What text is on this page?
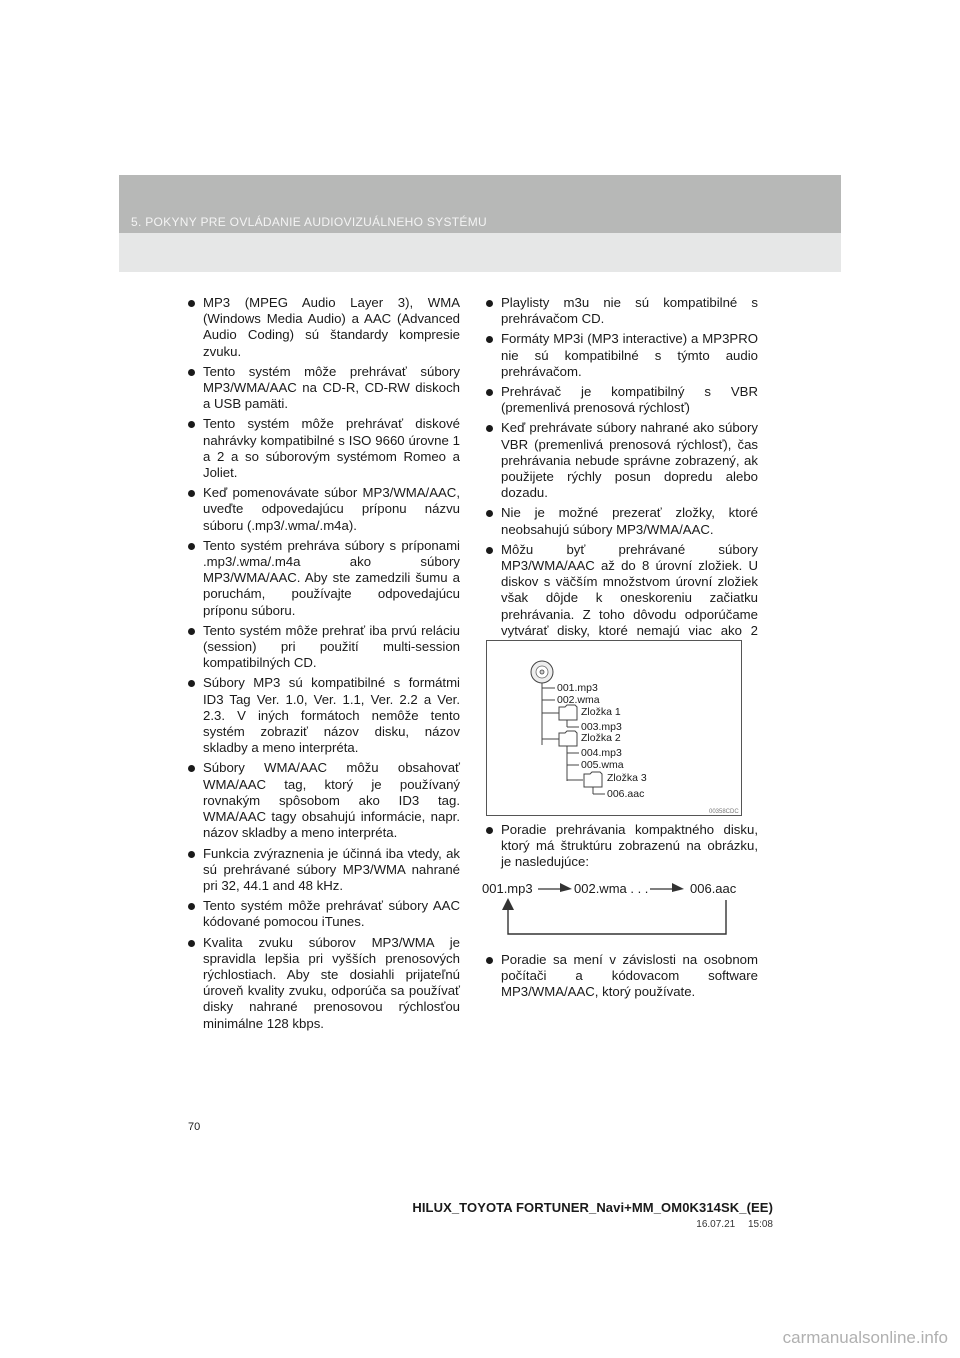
5. POKYNY PRE OVLÁDANIE AUDIOVIZUÁLNEHO SYSTÉMU
MP3 (MPEG Audio Layer 3), WMA (Windows Media Audio) a AAC (Advanced Audio Coding) sú štandardy kompresie zvuku.
Tento systém môže prehrávať súbory MP3/WMA/AAC na CD-R, CD-RW diskoch a USB pamäti.
Tento systém môže prehrávať diskové nahrávky kompatibilné s ISO 9660 úrovne 1 a 2 a so súborovým systémom Romeo a Joliet.
Keď pomenovávate súbor MP3/WMA/AAC, uveďte odpovedajúcu príponu názvu súboru (.mp3/.wma/.m4a).
Tento systém prehráva súbory s príponami .mp3/.wma/.m4a ako súbory MP3/WMA/AAC. Aby ste zamedzili šumu a poruchám, používajte odpovedajúcu príponu súboru.
Tento systém môže prehrať iba prvú reláciu (session) pri použití multi-session kompatibilných CD.
Súbory MP3 sú kompatibilné s formátmi ID3 Tag Ver. 1.0, Ver. 1.1, Ver. 2.2 a Ver. 2.3. V iných formátoch nemôže tento systém zobraziť názov disku, názov skladby a meno interpréta.
Súbory WMA/AAC môžu obsahovať WMA/AAC tag, ktorý je používaný rovnakým spôsobom ako ID3 tag. WMA/AAC tagy obsahujú informácie, napr. názov skladby a meno interpréta.
Funkcia zvýraznenia je účinná iba vtedy, ak sú prehrávané súbory MP3/WMA nahrané pri 32, 44.1 and 48 kHz.
Tento systém môže prehrávať súbory AAC kódované pomocou iTunes.
Kvalita zvuku súborov MP3/WMA je spravidla lepšia pri vyšších prenosových rýchlostiach. Aby ste dosiahli prijateľnú úroveň kvality zvuku, odporúča sa používať disky nahrané prenosovou rýchlosťou minimálne 128 kbps.
Playlisty m3u nie sú kompatibilné s prehrávačom CD.
Formáty MP3i (MP3 interactive) a MP3PRO nie sú kompatibilné s týmto audio prehrávačom.
Prehrávač je kompatibilný s VBR (premenlivá prenosová rýchlosť)
Keď prehrávate súbory nahrané ako súbory VBR (premenlivá prenosová rýchlosť), čas prehrávania nebude správne zobrazený, ak použijete rýchly posun dopredu alebo dozadu.
Nie je možné prezerať zložky, ktoré neobsahujú súbory MP3/WMA/AAC.
Môžu byť prehrávané súbory MP3/WMA/AAC až do 8 úrovní zložiek. U diskov s väčším množstvom úrovní zložiek však dôjde k oneskoreniu začiatku prehrávania. Z toho dôvodu odporúčame vytvárať disky, ktoré nemajú viac ako 2
001.mp3
002.wma
Zložka 1
003.mp3
Zložka 2
004.mp3
005.wma
Zložka 3
006.aac
00358CDC
Poradie prehrávania kompaktného disku, ktorý má štruktúru zobrazenú na obrázku, je nasledujúce:
001.mp3	002.wma . . .	006.aac
Poradie sa mení v závislosti na osobnom počítači a kódovacom software MP3/WMA/AAC, ktorý používate.
70
HILUX_TOYOTA FORTUNER_Navi+MM_OM0K314SK_(EE)
16.07.21 15:08
carmanualsonline.info
